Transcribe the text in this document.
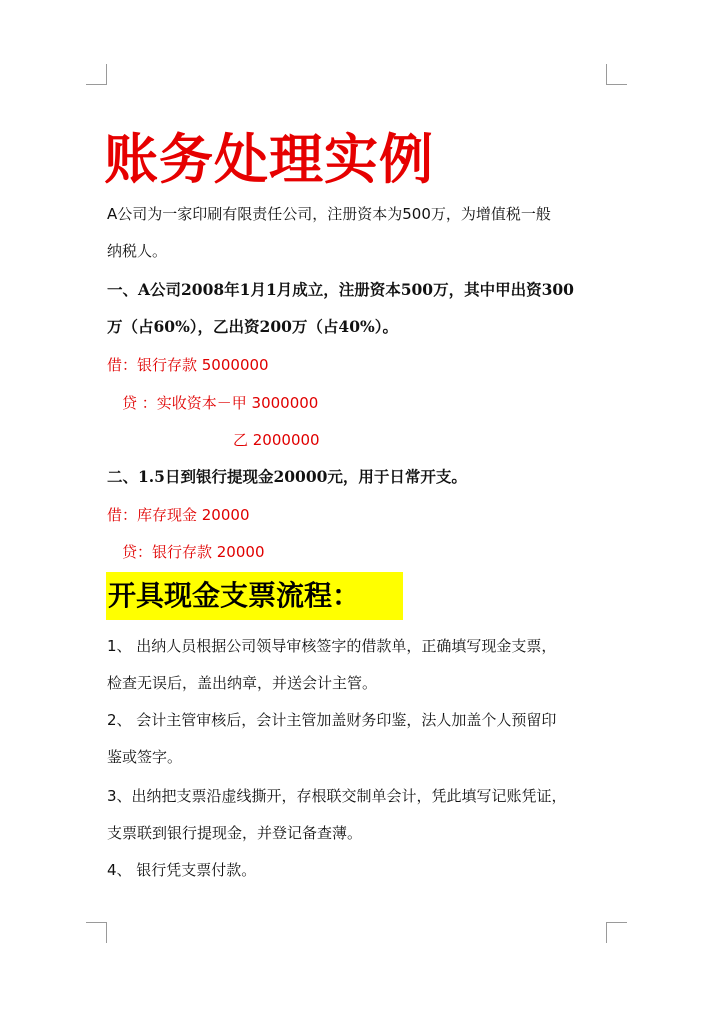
账务处理实例
A公司为一家印刷有限责任公司，注册资本为500万，为增值税一般
纳税人。
一、A公司2008年1月1月成立，注册资本500万，其中甲出资300
万（占60%），乙出资200万（占40%）。
借：银行存款 5000000
贷 ：实收资本－甲 3000000
乙 2000000
二、1.5日到银行提现金20000元，用于日常开支。
借：库存现金 20000
贷：银行存款 20000
开具现金支票流程：
1、 出纳人员根据公司领导审核签字的借款单，正确填写现金支票，
检查无误后，盖出纳章，并送会计主管。
2、 会计主管审核后，会计主管加盖财务印鉴，法人加盖个人预留印
鉴或签字。
3、出纳把支票沿虚线撕开，存根联交制单会计，凭此填写记账凭证，
支票联到银行提现金，并登记备查薄。
4、 银行凭支票付款。
